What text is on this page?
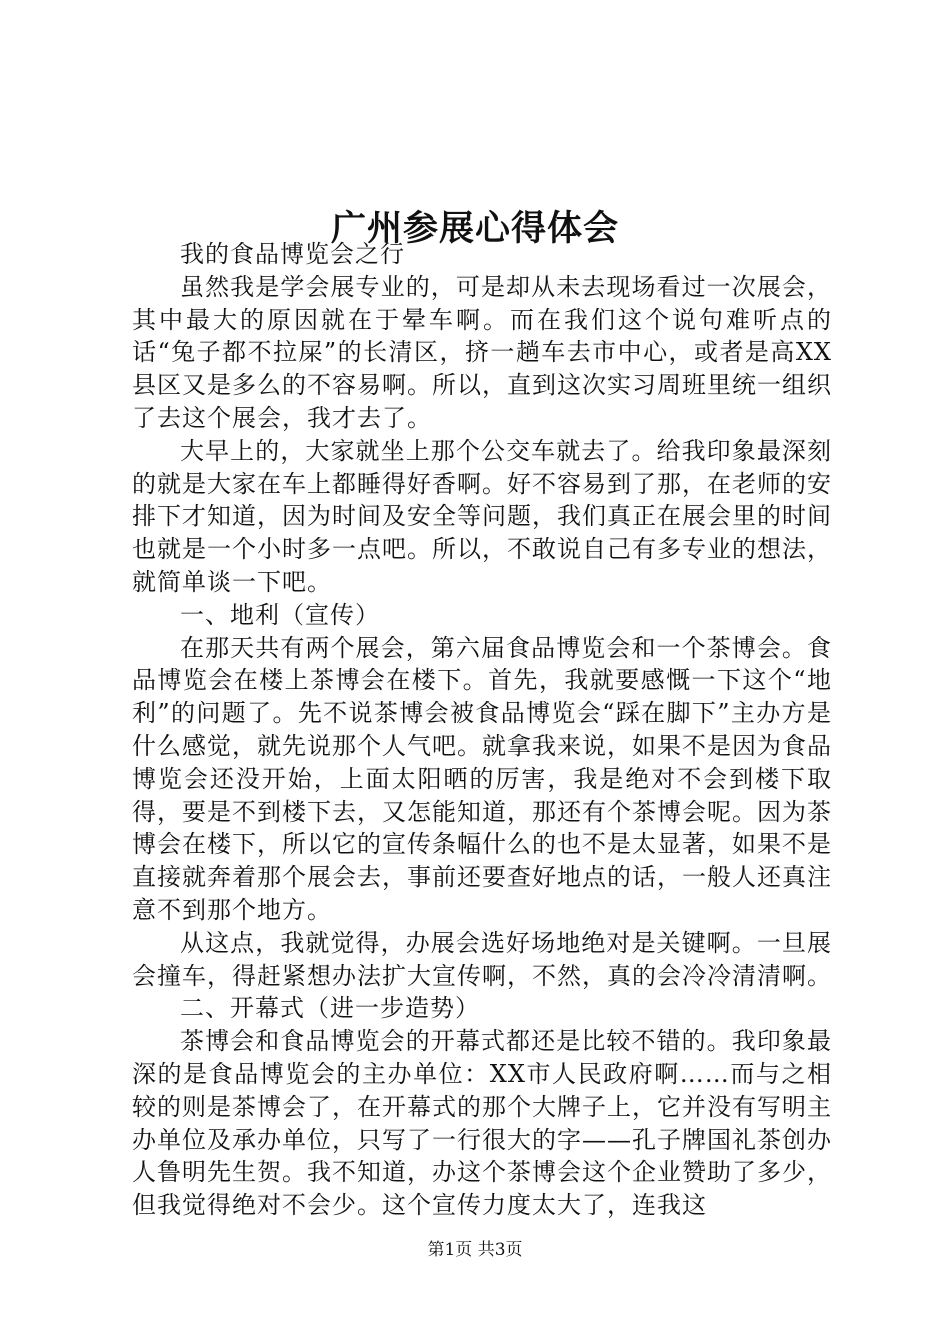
广州参展心得体会

我的食品博览会之行

虽然我是学会展专业的，可是却从未去现场看过一次展会，其中最大的原因就在于晕车啊。而在我们这个说句难听点的话“兔子都不拉屎”的长清区，挤一趟车去市中心，或者是高XX县区又是多么的不容易啊。所以，直到这次实习周班里统一组织了去这个展会，我才去了。

大早上的，大家就坐上那个公交车就去了。给我印象最深刻的就是大家在车上都睡得好香啊。好不容易到了那，在老师的安排下才知道，因为时间及安全等问题，我们真正在展会里的时间也就是一个小时多一点吧。所以，不敢说自己有多专业的想法，就简单谈一下吧。

一、地利（宣传）

在那天共有两个展会，第六届食品博览会和一个茶博会。食品博览会在楼上茶博会在楼下。首先，我就要感慨一下这个“地利”的问题了。先不说茶博会被食品博览会“踩在脚下”主办方是什么感觉，就先说那个人气吧。就拿我来说，如果不是因为食品博览会还没开始，上面太阳晒的厉害，我是绝对不会到楼下取得，要是不到楼下去，又怎能知道，那还有个茶博会呢。因为茶博会在楼下，所以它的宣传条幅什么的也不是太显著，如果不是直接就奔着那个展会去，事前还要查好地点的话，一般人还真注意不到那个地方。

从这点，我就觉得，办展会选好场地绝对是关键啊。一旦展会撞车，得赶紧想办法扩大宣传啊，不然，真的会冷冷清清啊。

二、开幕式（进一步造势）

茶博会和食品博览会的开幕式都还是比较不错的。我印象最深的是食品博览会的主办单位：XX市人民政府啊……而与之相较的则是茶博会了，在开幕式的那个大牌子上，它并没有写明主办单位及承办单位，只写了一行很大的字——孔子牌国礼茶创办人鲁明先生贺。我不知道，办这个茶博会这个企业赞助了多少，但我觉得绝对不会少。这个宣传力度太大了，连我这

第1页 共3页
